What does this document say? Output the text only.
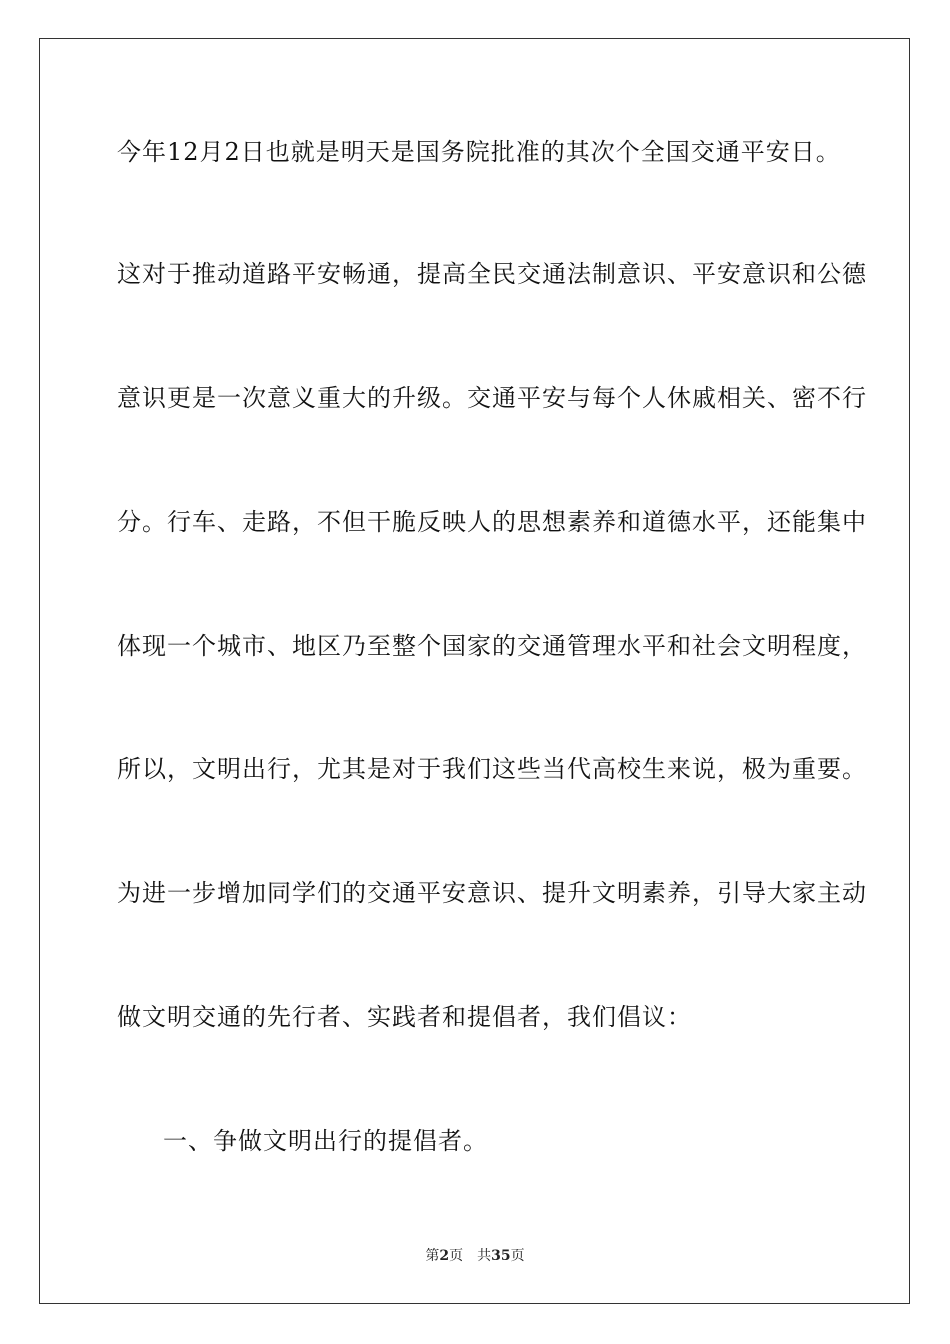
今年12月2日也就是明天是国务院批准的其次个全国交通平安日。
这对于推动道路平安畅通，提高全民交通法制意识、平安意识和公德
意识更是一次意义重大的升级。交通平安与每个人休戚相关、密不行
分。行车、走路，不但干脆反映人的思想素养和道德水平，还能集中
体现一个城市、地区乃至整个国家的交通管理水平和社会文明程度，
所以，文明出行，尤其是对于我们这些当代高校生来说，极为重要。
为进一步增加同学们的交通平安意识、提升文明素养，引导大家主动
做文明交通的先行者、实践者和提倡者，我们倡议：
一、争做文明出行的提倡者。
第2页 共35页
